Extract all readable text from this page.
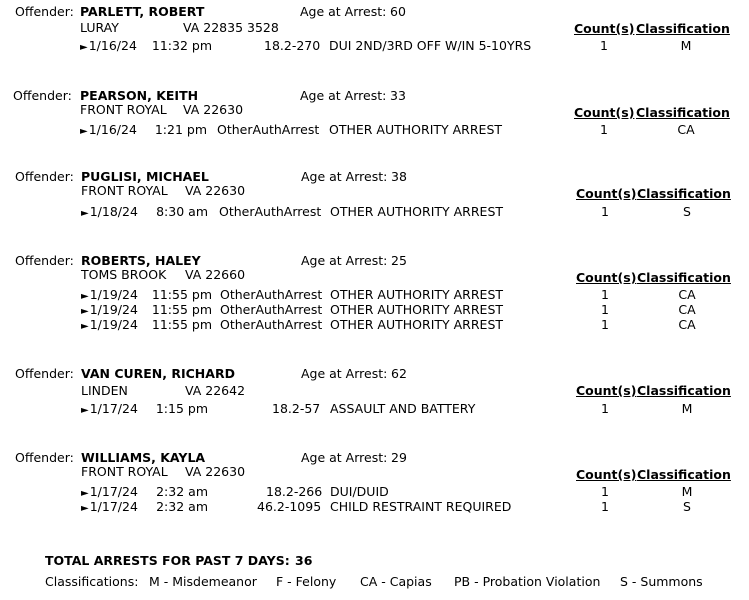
Offender: PARLETT, ROBERT	Age at Arrest: 60
LURAY	VA 22835 3528	Count(s) Classification
►1/16/24	11:32 pm	18.2-270 DUI 2ND/3RD OFF W/IN 5-10YRS	1	M
Offender: PEARSON, KEITH	Age at Arrest: 33
FRONT ROYAL VA 22630	Count(s) Classification
►1/16/24	1:21 pm OtherAuthArrest OTHER AUTHORITY ARREST	1	CA
Offender: PUGLISI, MICHAEL	Age at Arrest: 38
FRONT ROYAL VA 22630	Count(s) Classification
►1/18/24	8:30 am OtherAuthArrest OTHER AUTHORITY ARREST	1	S
Offender: ROBERTS, HALEY	Age at Arrest: 25
TOMS BROOK VA 22660	Count(s) Classification
►1/19/24	11:55 pm OtherAuthArrest OTHER AUTHORITY ARREST	1	CA
►1/19/24	11:55 pm OtherAuthArrest OTHER AUTHORITY ARREST	1	CA
►1/19/24	11:55 pm OtherAuthArrest OTHER AUTHORITY ARREST	1	CA
Offender: VAN CUREN, RICHARD	Age at Arrest: 62
LINDEN	VA 22642	Count(s) Classification
►1/17/24	1:15 pm	18.2-57 ASSAULT AND BATTERY	1	M
Offender: WILLIAMS, KAYLA	Age at Arrest: 29
FRONT ROYAL VA 22630	Count(s) Classification
►1/17/24	2:32 am	18.2-266 DUI/DUID	1	M
►1/17/24	2:32 am	46.2-1095 CHILD RESTRAINT REQUIRED	1	S
TOTAL ARRESTS FOR PAST 7 DAYS: 36
Classifications: M - Misdemeanor F - Felony CA - Capias PB - Probation Violation S - Summons
